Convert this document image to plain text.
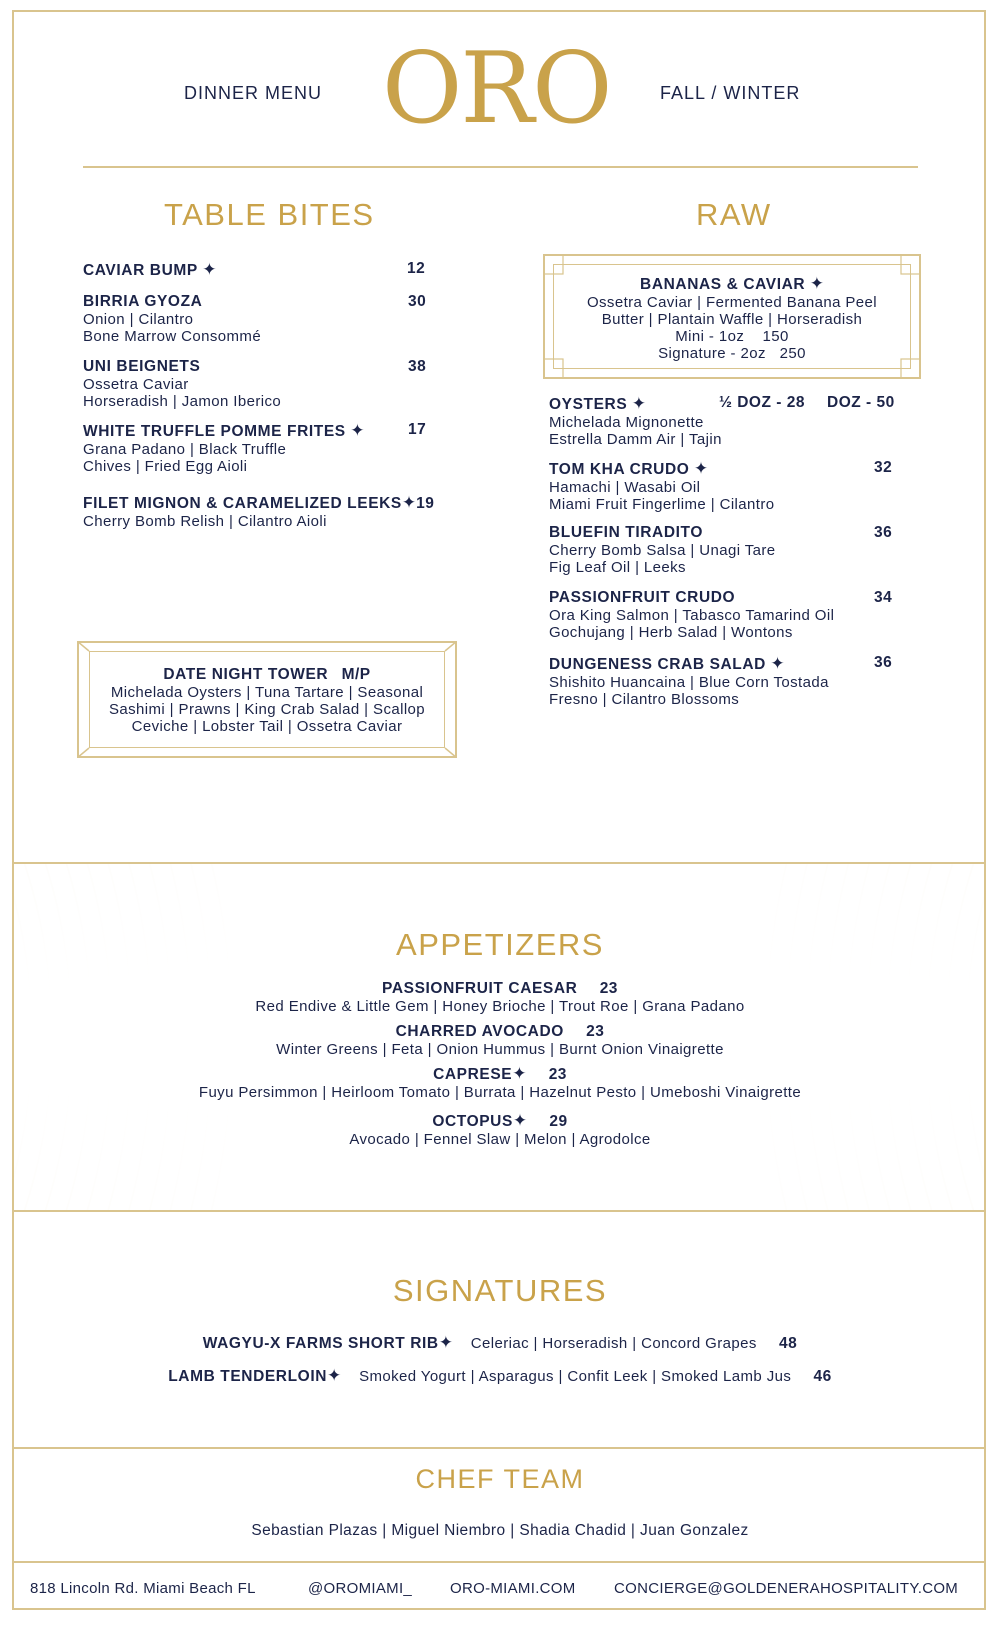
DINNER MENU ORO	FALL / WINTER
TABLE BITES
CAVIAR BUMP ✦	12
BIRRIA GYOZA	30
Onion | Cilantro
Bone Marrow Consommé
UNI BEIGNETS	38
Ossetra Caviar
Horseradish | Jamon Iberico
WHITE TRUFFLE POMME FRITES ✦	17
Grana Padano | Black Truffle
Chives | Fried Egg Aioli
FILET MIGNON & CARAMELIZED LEEKS✦19
Cherry Bomb Relish | Cilantro Aioli
DATE NIGHT TOWER M/P
Michelada Oysters | Tuna Tartare | Seasonal
Sashimi | Prawns | King Crab Salad | Scallop
Ceviche | Lobster Tail | Ossetra Caviar
RAW
BANANAS & CAVIAR ✦
Ossetra Caviar | Fermented Banana Peel
Butter | Plantain Waffle | Horseradish
Mini - 1oz 150
Signature - 2oz 250
OYSTERS ✦	½ DOZ - 28 DOZ - 50
Michelada Mignonette
Estrella Damm Air | Tajin
TOM KHA CRUDO ✦	32
Hamachi | Wasabi Oil
Miami Fruit Fingerlime | Cilantro
BLUEFIN TIRADITO	36
Cherry Bomb Salsa | Unagi Tare
Fig Leaf Oil | Leeks
PASSIONFRUIT CRUDO	34
Ora King Salmon | Tabasco Tamarind Oil
Gochujang | Herb Salad | Wontons
DUNGENESS CRAB SALAD ✦	36
Shishito Huancaina | Blue Corn Tostada
Fresno | Cilantro Blossoms
APPETIZERS
PASSIONFRUIT CAESAR 23
Red Endive & Little Gem | Honey Brioche | Trout Roe | Grana Padano
CHARRED AVOCADO 23
Winter Greens | Feta | Onion Hummus | Burnt Onion Vinaigrette
CAPRESE✦ 23
Fuyu Persimmon | Heirloom Tomato | Burrata | Hazelnut Pesto | Umeboshi Vinaigrette
OCTOPUS✦ 29
Avocado | Fennel Slaw | Melon | Agrodolce
SIGNATURES
WAGYU-X FARMS SHORT RIB✦ Celeriac | Horseradish | Concord Grapes 48
LAMB TENDERLOIN✦ Smoked Yogurt | Asparagus | Confit Leek | Smoked Lamb Jus 46
CHEF TEAM
Sebastian Plazas | Miguel Niembro | Shadia Chadid | Juan Gonzalez
818 Lincoln Rd. Miami Beach FL	@OROMIAMI_	ORO-MIAMI.COM	CONCIERGE@GOLDENERAHOSPITALITY.COM
